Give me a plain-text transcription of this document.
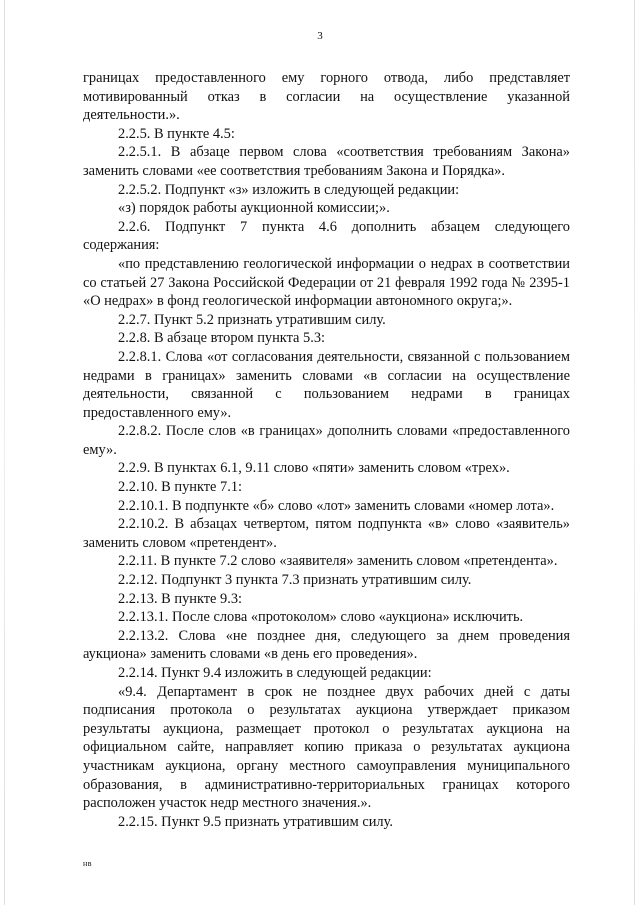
3

границах предоставленного ему горного отвода, либо представляет мотивированный отказ в согласии на осуществление указанной деятельности.».

2.2.5. В пункте 4.5:

2.2.5.1. В абзаце первом слова «соответствия требованиям Закона» заменить словами «ее соответствия требованиям Закона и Порядка».

2.2.5.2. Подпункт «з» изложить в следующей редакции:

«з) порядок работы аукционной комиссии;».

2.2.6. Подпункт 7 пункта 4.6 дополнить абзацем следующего содержания:

«по представлению геологической информации о недрах в соответствии со статьей 27 Закона Российской Федерации от 21 февраля 1992 года № 2395-1 «О недрах» в фонд геологической информации автономного округа;».

2.2.7. Пункт 5.2 признать утратившим силу.

2.2.8. В абзаце втором пункта 5.3:

2.2.8.1. Слова «от согласования деятельности, связанной с пользованием недрами в границах» заменить словами «в согласии на осуществление деятельности, связанной с пользованием недрами в границах предоставленного ему».

2.2.8.2. После слов «в границах» дополнить словами «предоставленного ему».

2.2.9. В пунктах 6.1, 9.11 слово «пяти» заменить словом «трех».

2.2.10. В пункте 7.1:

2.2.10.1. В подпункте «б» слово «лот» заменить словами «номер лота».

2.2.10.2. В абзацах четвертом, пятом подпункта «в» слово «заявитель» заменить словом «претендент».

2.2.11. В пункте 7.2 слово «заявителя» заменить словом «претендента».

2.2.12. Подпункт 3 пункта 7.3 признать утратившим силу.

2.2.13. В пункте 9.3:

2.2.13.1. После слова «протоколом» слово «аукциона» исключить.

2.2.13.2. Слова «не позднее дня, следующего за днем проведения аукциона» заменить словами «в день его проведения».

2.2.14. Пункт 9.4 изложить в следующей редакции:

«9.4. Департамент в срок не позднее двух рабочих дней с даты подписания протокола о результатах аукциона утверждает приказом результаты аукциона, размещает протокол о результатах аукциона на официальном сайте, направляет копию приказа о результатах аукциона участникам аукциона, органу местного самоуправления муниципального образования, в административно-территориальных границах которого расположен участок недр местного значения.».

2.2.15. Пункт 9.5 признать утратившим силу.

нв
